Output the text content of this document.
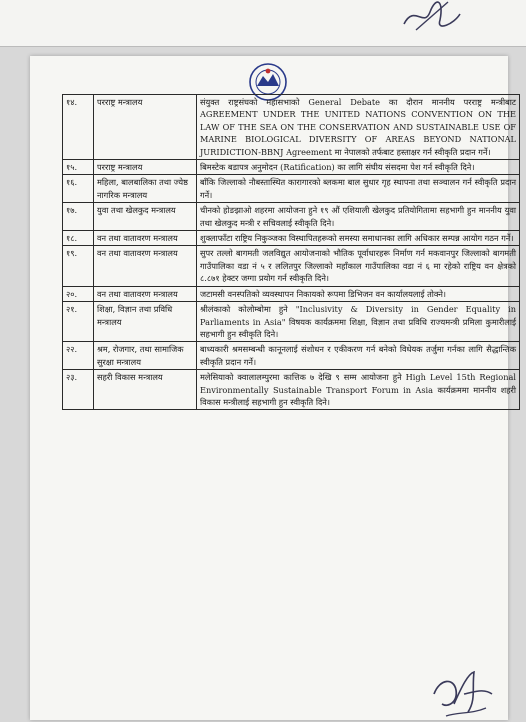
१४.	परराष्ट्र मन्त्रालय	संयुक्त राष्ट्रसंघको महासभाको General Debate का दौरान माननीय परराष्ट्र मन्त्रीबाट AGREEMENT UNDER THE UNITED NATIONS CONVENTION ON THE LAW OF THE SEA ON THE CONSERVATION AND SUSTAINABLE USE OF MARINE BIOLOGICAL DIVERSITY OF AREAS BEYOND NATIONAL JURIDICTION-BBNJ Agreement मा नेपालको तर्फबाट हस्ताक्षर गर्न स्वीकृति प्रदान गर्ने।
१५.	परराष्ट्र मन्त्रालय	बिमस्टेक बडापत्र अनुमोदन (Ratification) का लागि संघीय संसदमा पेश गर्न स्वीकृति दिने।
१६.	महिला, बालबालिका तथा ज्येष्ठ नागरिक मन्त्रालय	बाँकि जिल्लाको नौबस्तास्थित कारागारको ब्लकमा बाल सुधार गृह स्थापना तथा सञ्चालन गर्न स्वीकृति प्रदान गर्ने।
१७.	युवा तथा खेलकुद मन्त्रालय	चीनको होङझाओ शहरमा आयोजना हुने १९ औं एशियाली खेलकुद प्रतियोगितामा सहभागी हुन माननीय युवा तथा खेलकुद मन्त्री र सचिवलाई स्वीकृति दिने।
१८.	वन तथा वातावरण मन्त्रालय	शुक्लाफाँटा राष्ट्रिय निकुञ्जका विस्थापितहरूको समस्या समाधानका लागि अधिकार सम्पन्न आयोग गठन गर्ने।
१९.	वन तथा वातावरण मन्त्रालय	सुपर तल्लो बागमती जलविद्युत आयोजनाको भौतिक पूर्वाधारहरू निर्माण गर्न मकवानपुर जिल्लाको बागमती गाउँपालिका वडा नं ५ र ललितपुर जिल्लाको महाँकाल गाउँपालिका वडा नं ६ मा रहेको राष्ट्रिय वन क्षेत्रको ८.८७१ हेक्टर जग्गा प्रयोग गर्न स्वीकृति दिने।
२०.	वन तथा वातावरण मन्त्रालय	जटामसी वनस्पतिको व्यवस्थापन निकायको रूपमा डिभिजन वन कार्यालयलाई तोक्ने।
२१.	शिक्षा, विज्ञान तथा प्रविधि मन्त्रालय	श्रीलंकाको कोलोम्बोमा हुने "Inclusivity & Diversity in Gender Equality in Parliaments in Asia" विषयक कार्यक्रममा शिक्षा, विज्ञान तथा प्रविधि राज्यमन्त्री प्रमिला कुमारीलाई सहभागी हुन स्वीकृति दिने।
२२.	श्रम, रोजगार, तथा सामाजिक सुरक्षा मन्त्रालय	बाध्यकारी श्रमसम्बन्धी कानूनलाई संशोधन र एकीकरण गर्न बनेको विधेयक तर्जुमा गर्नका लागि सैद्धान्तिक स्वीकृति प्रदान गर्ने।
२३.	सहरी विकास मन्त्रालय	मलेसियाको क्वालालम्पुरमा कात्तिक ७ देखि ९ सम्म आयोजना हुने High Level 15th Regional Environmentally Sustainable Transport Forum in Asia कार्यक्रममा माननीय शहरी विकास मन्त्रीलाई सहभागी हुन स्वीकृति दिने।
